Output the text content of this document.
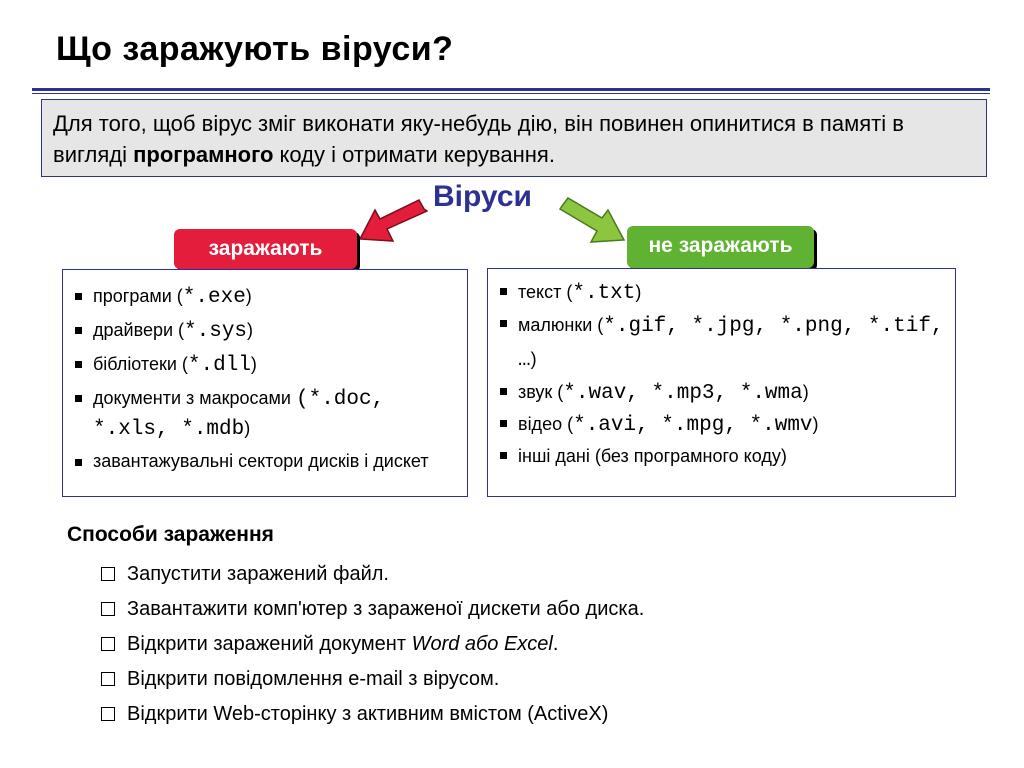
Що заражують віруси?
Для того, щоб вірус зміг виконати яку-небудь дію, він повинен опинитися в памяті в вигляді програмного коду і отримати керування.
Віруси
заражають	не заражають
програми (*.exe)
драйвери (*.sys)
бібліотеки (*.dll)
документи з макросами (*.doc, *.xls, *.mdb)
завантажувальні сектори дисків і дискет
текст (*.txt)
малюнки (*.gif, *.jpg, *.png, *.tif, …)
звук (*.wav, *.mp3, *.wma)
відео (*.avi, *.mpg, *.wmv)
інші дані (без програмного коду)
Способи зараження
Запустити заражений файл.
Завантажити комп'ютер з зараженої дискети або диска.
Відкрити заражений документ Word або Excel.
Відкрити повідомлення e-mail з вірусом.
Відкрити Web-сторінку з активним вмістом (ActiveX)
